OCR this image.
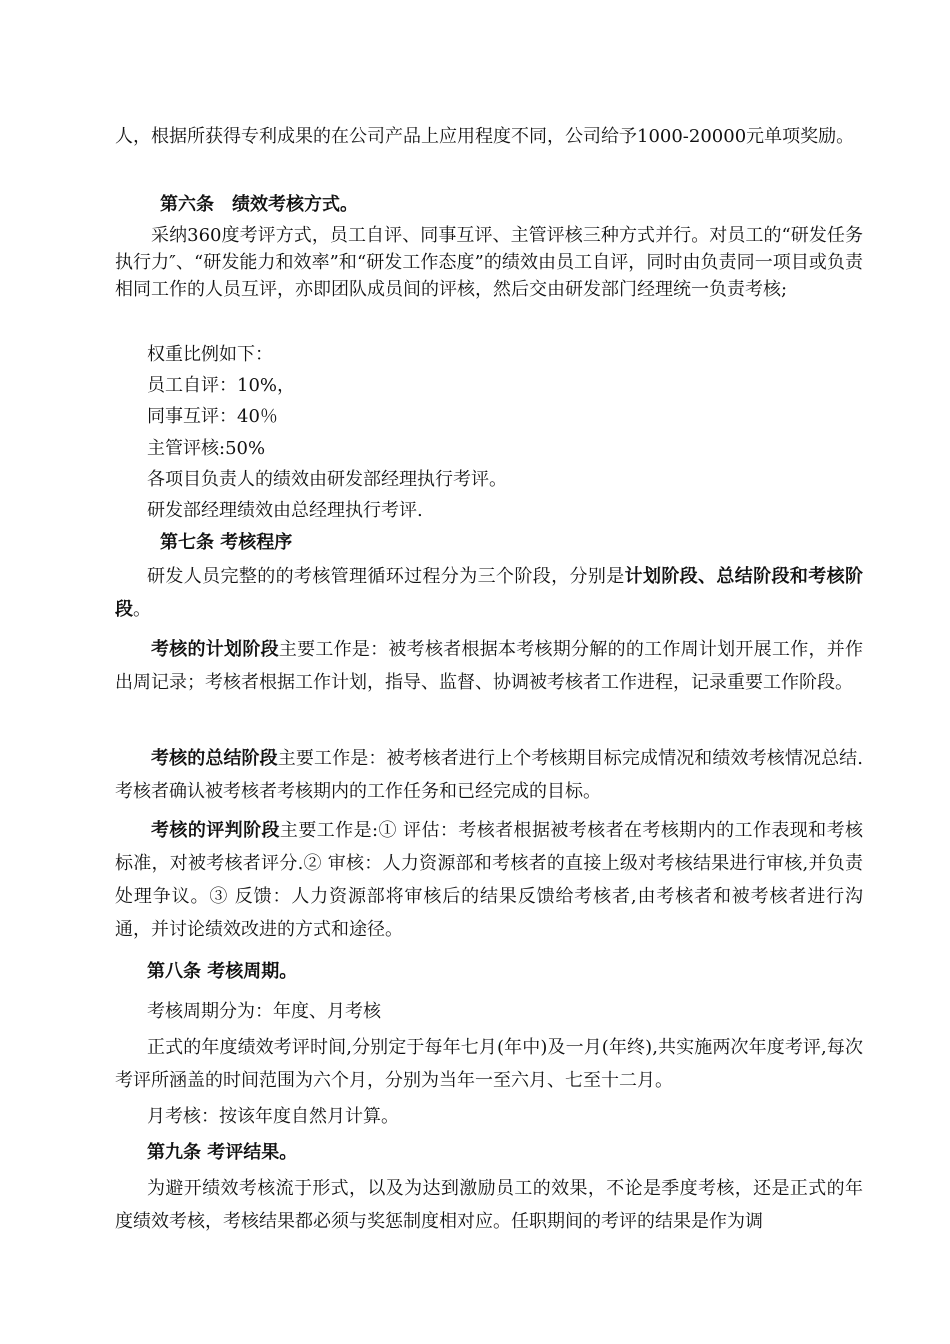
人，根据所获得专利成果的在公司产品上应用程度不同，公司给予1000-20000元单项奖励。

第六条　绩效考核方式。

采纳360度考评方式，员工自评、同事互评、主管评核三种方式并行。对员工的“研发任务执行力″、“研发能力和效率”和“研发工作态度”的绩效由员工自评，同时由负责同一项目或负责相同工作的人员互评，亦即团队成员间的评核，然后交由研发部门经理统一负责考核;

权重比例如下：

员工自评：10%，

同事互评：40％

主管评核:50%

各项目负责人的绩效由研发部经理执行考评。

研发部经理绩效由总经理执行考评.

第七条 考核程序

研发人员完整的的考核管理循环过程分为三个阶段，分别是计划阶段、总结阶段和考核阶段。

考核的计划阶段主要工作是：被考核者根据本考核期分解的的工作周计划开展工作，并作出周记录；考核者根据工作计划，指导、监督、协调被考核者工作进程，记录重要工作阶段。

考核的总结阶段主要工作是：被考核者进行上个考核期目标完成情况和绩效考核情况总结.考核者确认被考核者考核期内的工作任务和已经完成的目标。

考核的评判阶段主要工作是:① 评估：考核者根据被考核者在考核期内的工作表现和考核标准，对被考核者评分.② 审核：人力资源部和考核者的直接上级对考核结果进行审核,并负责处理争议。③ 反馈：人力资源部将审核后的结果反馈给考核者,由考核者和被考核者进行沟通，并讨论绩效改进的方式和途径。

第八条 考核周期。

考核周期分为：年度、月考核

正式的年度绩效考评时间,分别定于每年七月(年中)及一月(年终),共实施两次年度考评,每次考评所涵盖的时间范围为六个月，分别为当年一至六月、七至十二月。

月考核：按该年度自然月计算。

第九条 考评结果。

为避开绩效考核流于形式，以及为达到激励员工的效果，不论是季度考核，还是正式的年度绩效考核，考核结果都必须与奖惩制度相对应。任职期间的考评的结果是作为调
